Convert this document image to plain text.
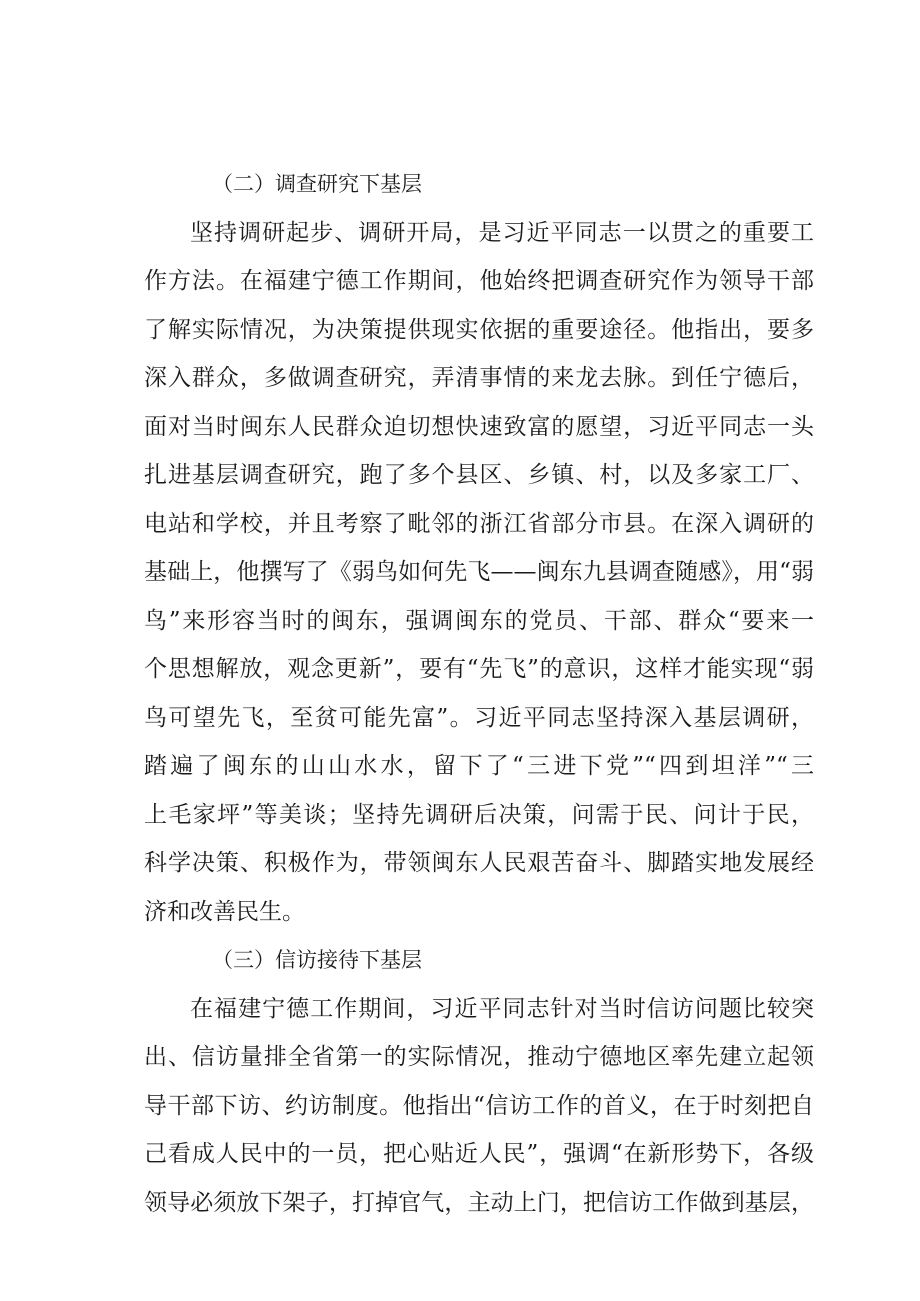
（二）调查研究下基层
坚持调研起步、调研开局，是习近平同志一以贯之的重要工
作方法。在福建宁德工作期间，他始终把调查研究作为领导干部
了解实际情况，为决策提供现实依据的重要途径。他指出，要多
深入群众，多做调查研究，弄清事情的来龙去脉。到任宁德后，
面对当时闽东人民群众迫切想快速致富的愿望，习近平同志一头
扎进基层调查研究，跑了多个县区、乡镇、村，以及多家工厂、
电站和学校，并且考察了毗邻的浙江省部分市县。在深入调研的
基础上，他撰写了《弱鸟如何先飞——闽东九县调查随感》，用“弱
鸟”来形容当时的闽东，强调闽东的党员、干部、群众“要来一
个思想解放，观念更新”，要有“先飞”的意识，这样才能实现“弱
鸟可望先飞，至贫可能先富”。习近平同志坚持深入基层调研，
踏遍了闽东的山山水水，留下了“三进下党”“四到坦洋”“三
上毛家坪”等美谈；坚持先调研后决策，问需于民、问计于民，
科学决策、积极作为，带领闽东人民艰苦奋斗、脚踏实地发展经
济和改善民生。
（三）信访接待下基层
在福建宁德工作期间，习近平同志针对当时信访问题比较突
出、信访量排全省第一的实际情况，推动宁德地区率先建立起领
导干部下访、约访制度。他指出“信访工作的首义，在于时刻把自
己看成人民中的一员，把心贴近人民”，强调“在新形势下，各级
领导必须放下架子，打掉官气，主动上门，把信访工作做到基层，
